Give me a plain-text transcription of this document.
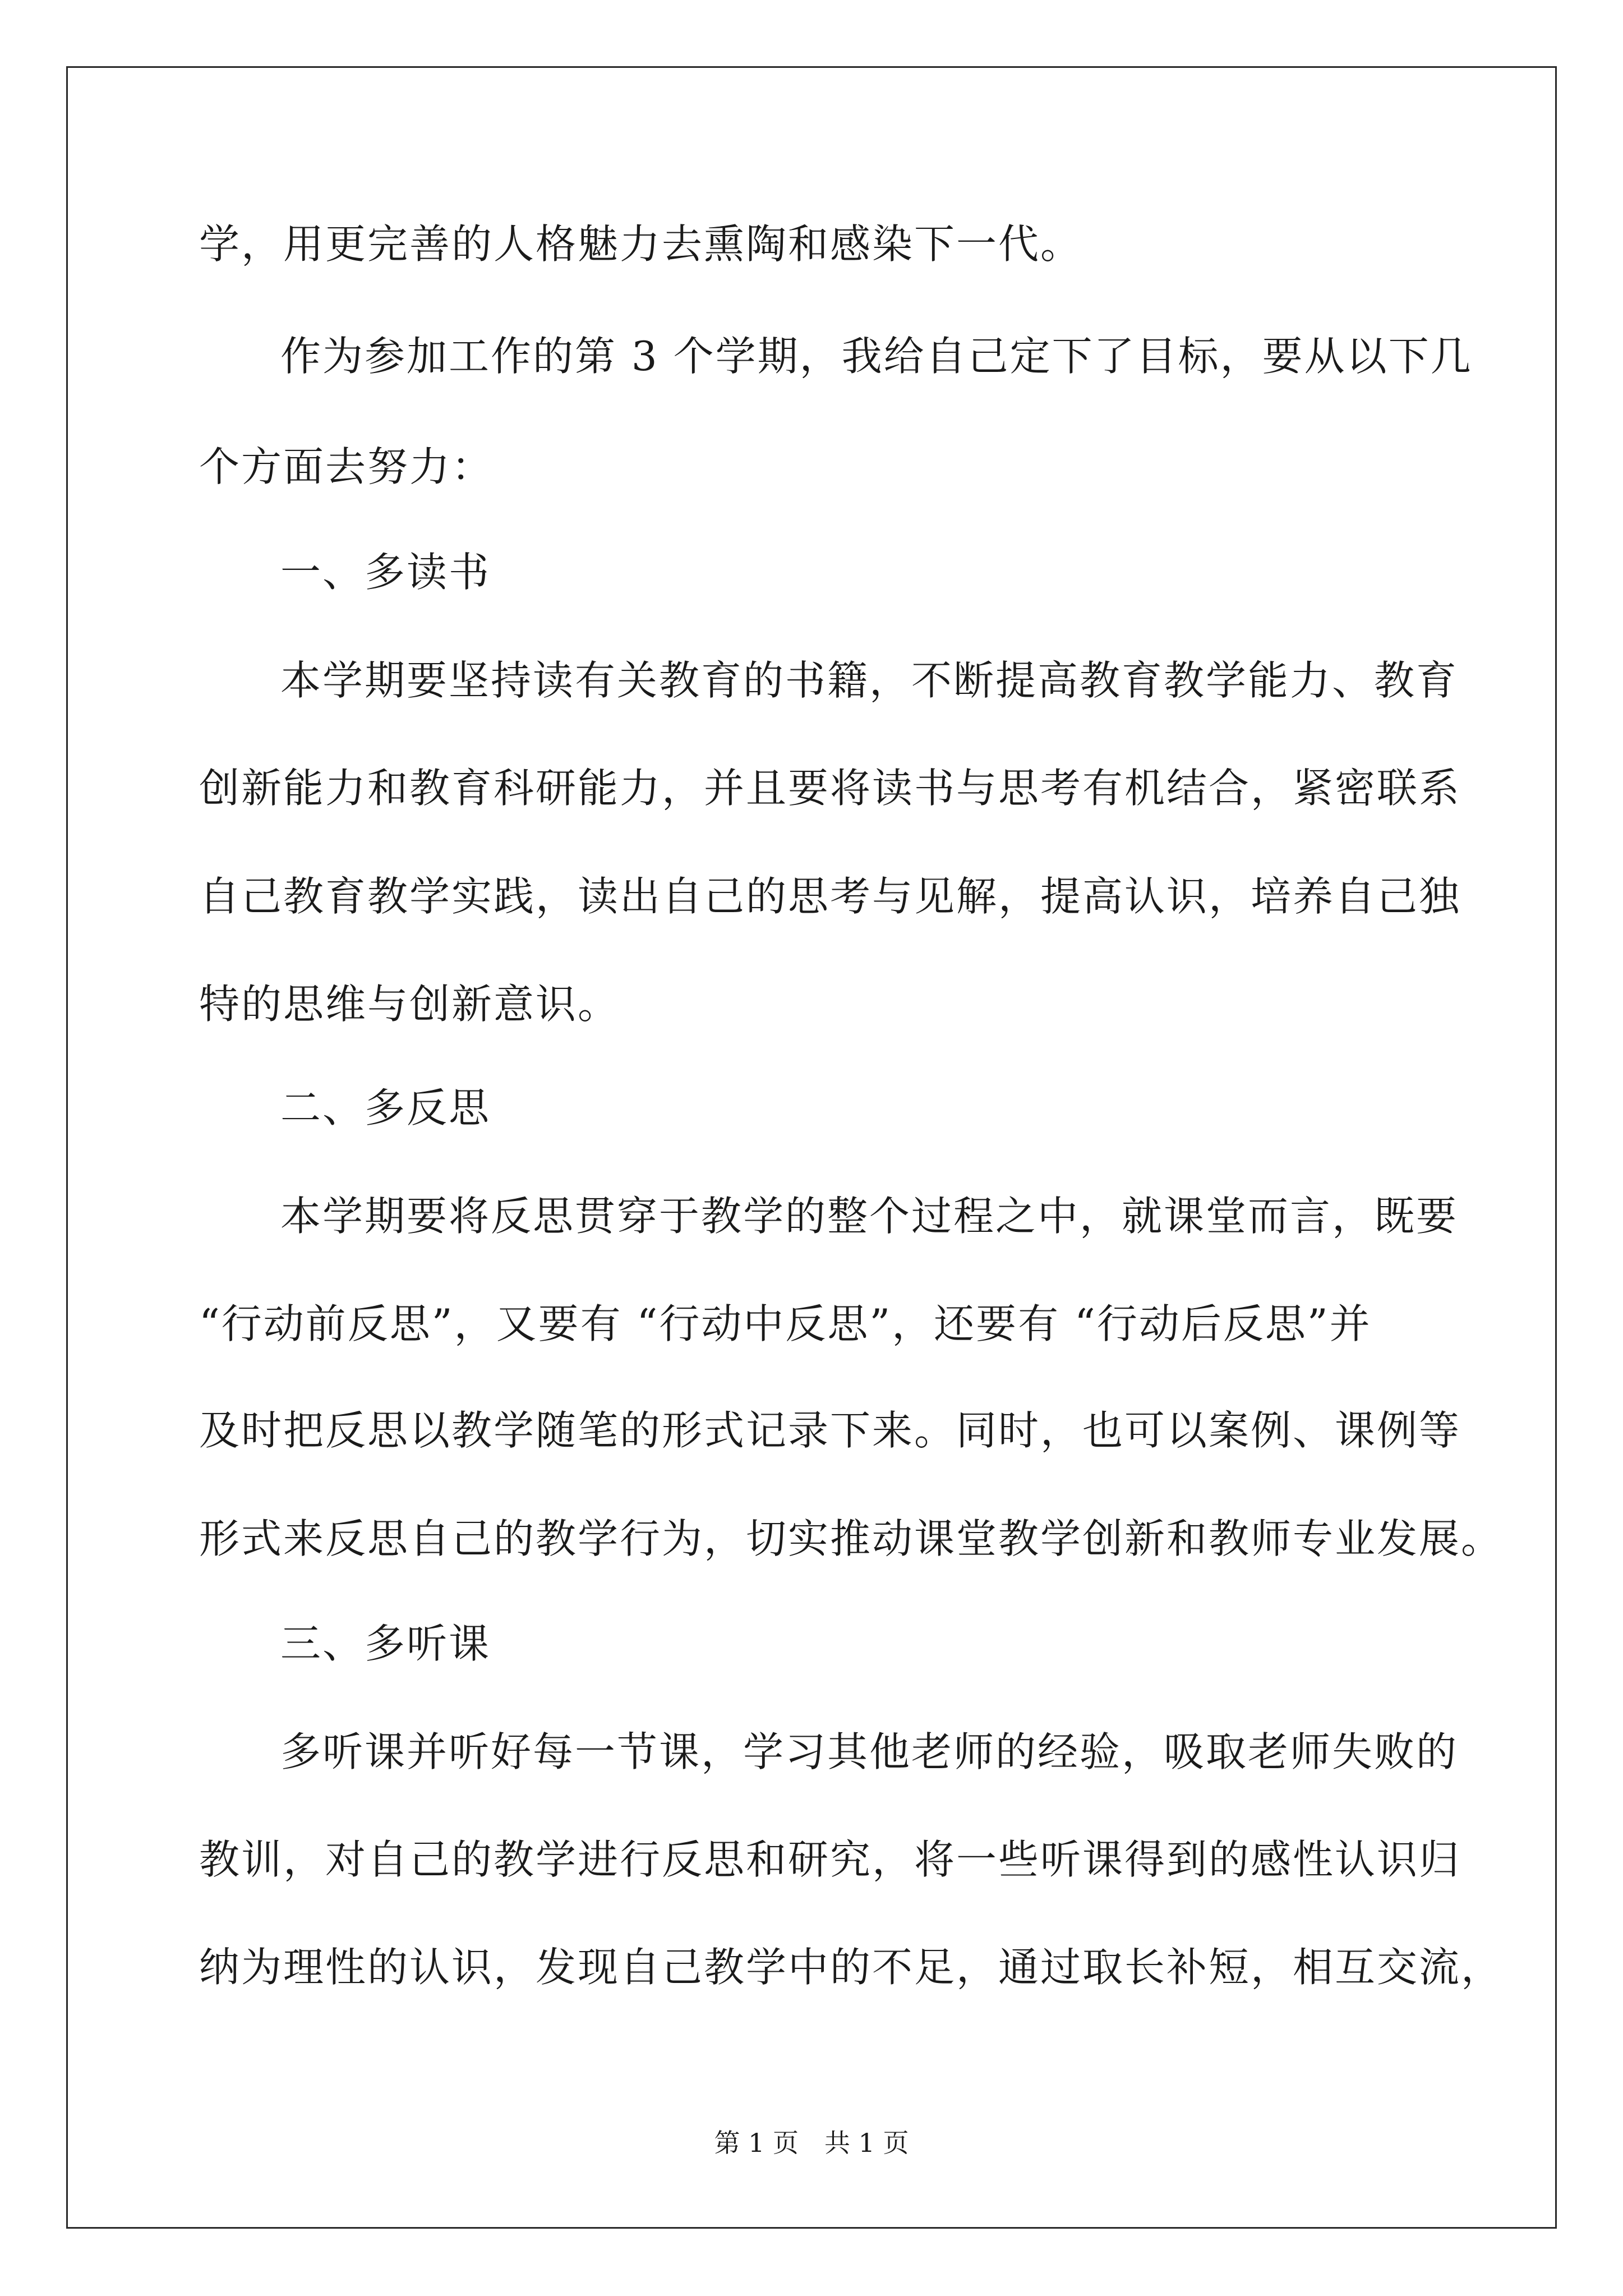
学，用更完善的人格魅力去熏陶和感染下一代。
作为参加工作的第 3 个学期，我给自己定下了目标，要从以下几
个方面去努力：
一、多读书
本学期要坚持读有关教育的书籍，不断提高教育教学能力、教育
创新能力和教育科研能力，并且要将读书与思考有机结合，紧密联系
自己教育教学实践，读出自己的思考与见解，提高认识，培养自己独
特的思维与创新意识。
二、多反思
本学期要将反思贯穿于教学的整个过程之中，就课堂而言，既要
“行动前反思”，又要有 “行动中反思”，还要有 “行动后反思”并
及时把反思以教学随笔的形式记录下来。同时，也可以案例、课例等
形式来反思自己的教学行为，切实推动课堂教学创新和教师专业发展。
三、多听课
多听课并听好每一节课，学习其他老师的经验，吸取老师失败的
教训，对自己的教学进行反思和研究，将一些听课得到的感性认识归
纳为理性的认识，发现自己教学中的不足，通过取长补短，相互交流，
第 1 页　共 1 页
